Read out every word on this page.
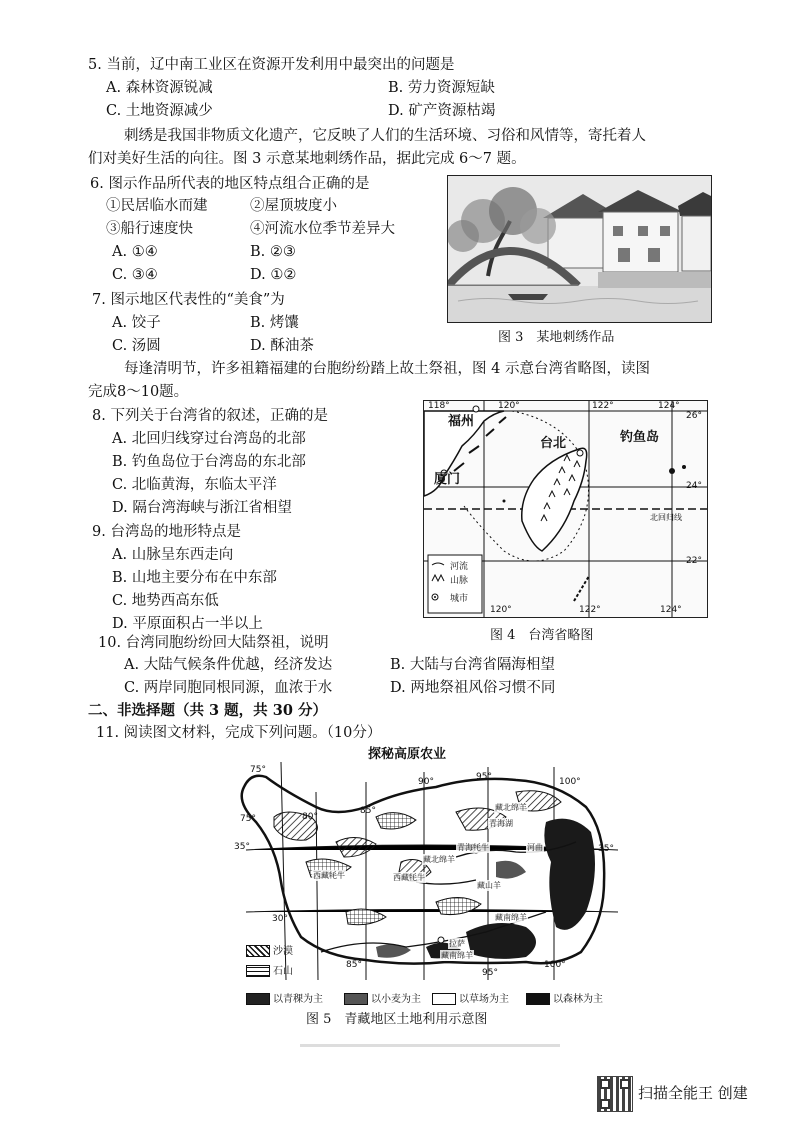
5. 当前，辽中南工业区在资源开发利用中最突出的问题是
A. 森林资源锐减	B. 劳力资源短缺
C. 土地资源减少	D. 矿产资源枯竭
刺绣是我国非物质文化遗产，它反映了人们的生活环境、习俗和风情等，寄托着人
们对美好生活的向往。图 3 示意某地刺绣作品，据此完成 6～7 题。
6. 图示作品所代表的地区特点组合正确的是
①民居临水而建	②屋顶坡度小
③船行速度快	④河流水位季节差异大
A. ①④	B. ②③
C. ③④	D. ①②
7. 图示地区代表性的“美食”为
A. 饺子	B. 烤馕
C. 汤圆	D. 酥油茶
图 3　某地刺绣作品
每逢清明节，许多祖籍福建的台胞纷纷踏上故土祭祖，图 4 示意台湾省略图，读图
完成8～10题。
8. 下列关于台湾省的叙述，正确的是
A. 北回归线穿过台湾岛的北部
B. 钓鱼岛位于台湾岛的东北部
C. 北临黄海，东临太平洋
D. 隔台湾海峡与浙江省相望
9. 台湾岛的地形特点是
A. 山脉呈东西走向
B. 山地主要分布在中东部
C. 地势西高东低
D. 平原面积占一半以上
118°	120°	122°	124°
120°	122°	124°
26°
24°
22°
福州
台北
厦门
钓鱼岛
北回归线
河流
山脉
城市
图 4　台湾省略图
10. 台湾同胞纷纷回大陆祭祖，说明
A. 大陆气候条件优越，经济发达	B. 大陆与台湾省隔海相望
C. 两岸同胞同根同源，血浓于水	D. 两地祭祖风俗习惯不同
二、非选择题（共 3 题，共 30 分）
11. 阅读图文材料，完成下列问题。（10分）
探秘高原农业
75°
80°
85°
90°	95°	100°
85°
95°
100°
75°
35°
30°
35°
藏北绵羊
青海湖
青海牦牛	河曲
藏北绵羊
藏山羊
西藏牦牛	西藏牦牛
藏南绵羊
拉萨
藏南绵羊
沙漠
石山
以青稞为主	以小麦为主	以草场为主	以森林为主
图 5　青藏地区土地利用示意图
扫描全能王 创建
